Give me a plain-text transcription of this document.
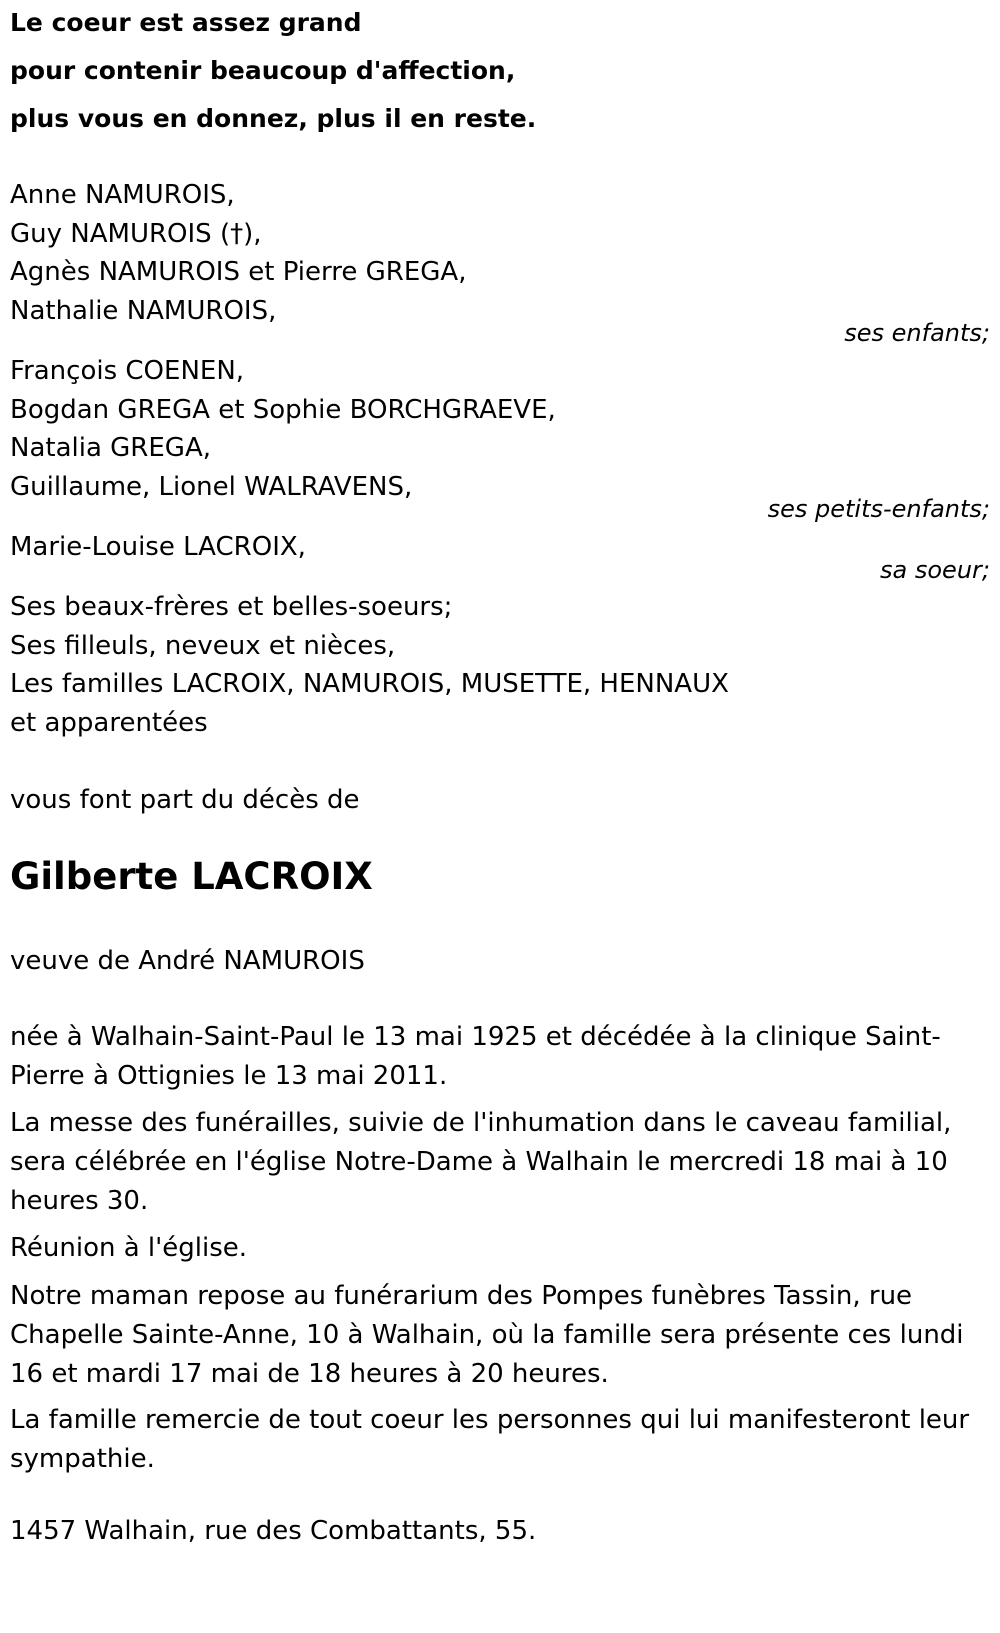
Le coeur est assez grand
pour contenir beaucoup d'affection,
plus vous en donnez, plus il en reste.
Anne NAMUROIS,
Guy NAMUROIS (†),
Agnès NAMUROIS et Pierre GREGA,
Nathalie NAMUROIS,
ses enfants;
François COENEN,
Bogdan GREGA et Sophie BORCHGRAEVE,
Natalia GREGA,
Guillaume, Lionel WALRAVENS,
ses petits-enfants;
Marie-Louise LACROIX,
sa soeur;
Ses beaux-frères et belles-soeurs;
Ses filleuls, neveux et nièces,
Les familles LACROIX, NAMUROIS, MUSETTE, HENNAUX
et apparentées
vous font part du décès de
Gilberte LACROIX
veuve de André NAMUROIS
née à Walhain-Saint-Paul le 13 mai 1925 et décédée à la clinique Saint-Pierre à Ottignies le 13 mai 2011.
La messe des funérailles, suivie de l'inhumation dans le caveau familial, sera célébrée en l'église Notre-Dame à Walhain le mercredi 18 mai à 10 heures 30.
Réunion à l'église.
Notre maman repose au funérarium des Pompes funèbres Tassin, rue Chapelle Sainte-Anne, 10 à Walhain, où la famille sera présente ces lundi 16 et mardi 17 mai de 18 heures à 20 heures.
La famille remercie de tout coeur les personnes qui lui manifesteront leur sympathie.
1457 Walhain, rue des Combattants, 55.
